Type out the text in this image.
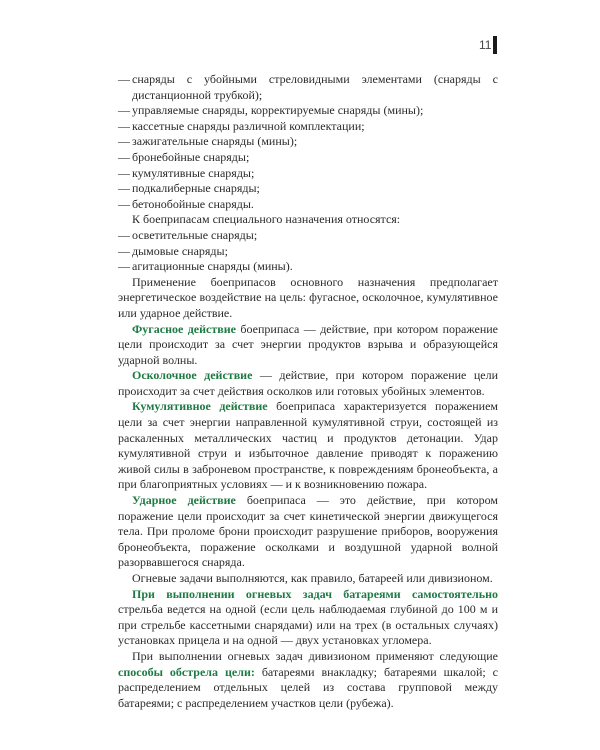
11

— снаряды с убойными стреловидными элементами (снаряды с дистанционной трубкой);

— управляемые снаряды, корректируемые снаряды (мины);

— кассетные снаряды различной комплектации;

— зажигательные снаряды (мины);

— бронебойные снаряды;

— кумулятивные снаряды;

— подкалиберные снаряды;

— бетонобойные снаряды.

К боеприпасам специального назначения относятся:

— осветительные снаряды;

— дымовые снаряды;

— агитационные снаряды (мины).

Применение боеприпасов основного назначения предполагает энергетическое воздействие на цель: фугасное, осколочное, кумулятивное или ударное действие.

Фугасное действие боеприпаса — действие, при котором поражение цели происходит за счет энергии продуктов взрыва и образующейся ударной волны.

Осколочное действие — действие, при котором поражение цели происходит за счет действия осколков или готовых убойных элементов.

Кумулятивное действие боеприпаса характеризуется поражением цели за счет энергии направленной кумулятивной струи, состоящей из раскаленных металлических частиц и продуктов детонации. Удар кумулятивной струи и избыточное давление приводят к поражению живой силы в заброневом пространстве, к повреждениям бронеобъекта, а при благоприятных условиях — и к возникновению пожара.

Ударное действие боеприпаса — это действие, при котором поражение цели происходит за счет кинетической энергии движущегося тела. При проломе брони происходит разрушение приборов, вооружения бронеобъекта, поражение осколками и воздушной ударной волной разорвавшегося снаряда.

Огневые задачи выполняются, как правило, батареей или дивизионом.

При выполнении огневых задач батареями самостоятельно стрельба ведется на одной (если цель наблюдаемая глубиной до 100 м и при стрельбе кассетными снарядами) или на трех (в остальных случаях) установках прицела и на одной — двух установках угломера.

При выполнении огневых задач дивизионом применяют следующие способы обстрела цели: батареями внакладку; батареями шкалой; с распределением отдельных целей из состава групповой между батареями; с распределением участков цели (рубежа).
